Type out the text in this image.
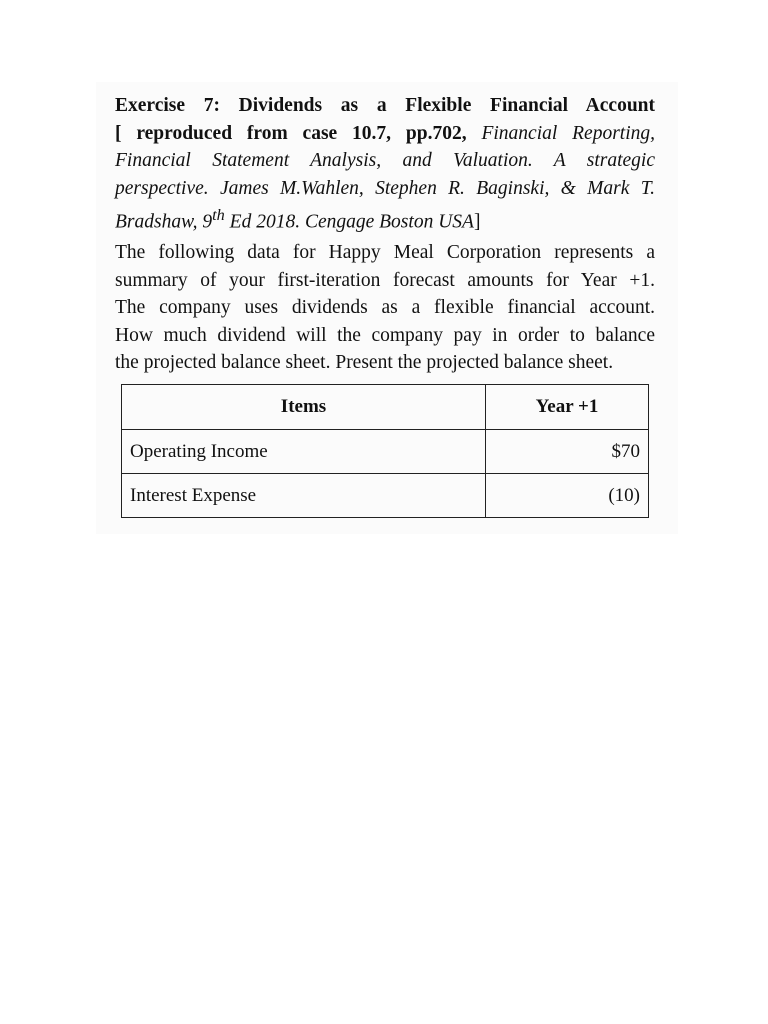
Exercise 7: Dividends as a Flexible Financial Account
[ reproduced from case 10.7, pp.702, Financial Reporting,
Financial Statement Analysis, and Valuation. A strategic
perspective. James M.Wahlen, Stephen R. Baginski, & Mark T.
Bradshaw, 9th Ed 2018. Cengage Boston USA]
The following data for Happy Meal Corporation represents a
summary of your first-iteration forecast amounts for Year +1.
The company uses dividends as a flexible financial account.
How much dividend will the company pay in order to balance
the projected balance sheet. Present the projected balance sheet.
Items	Year +1
Operating Income	$70
Interest Expense	(10)
